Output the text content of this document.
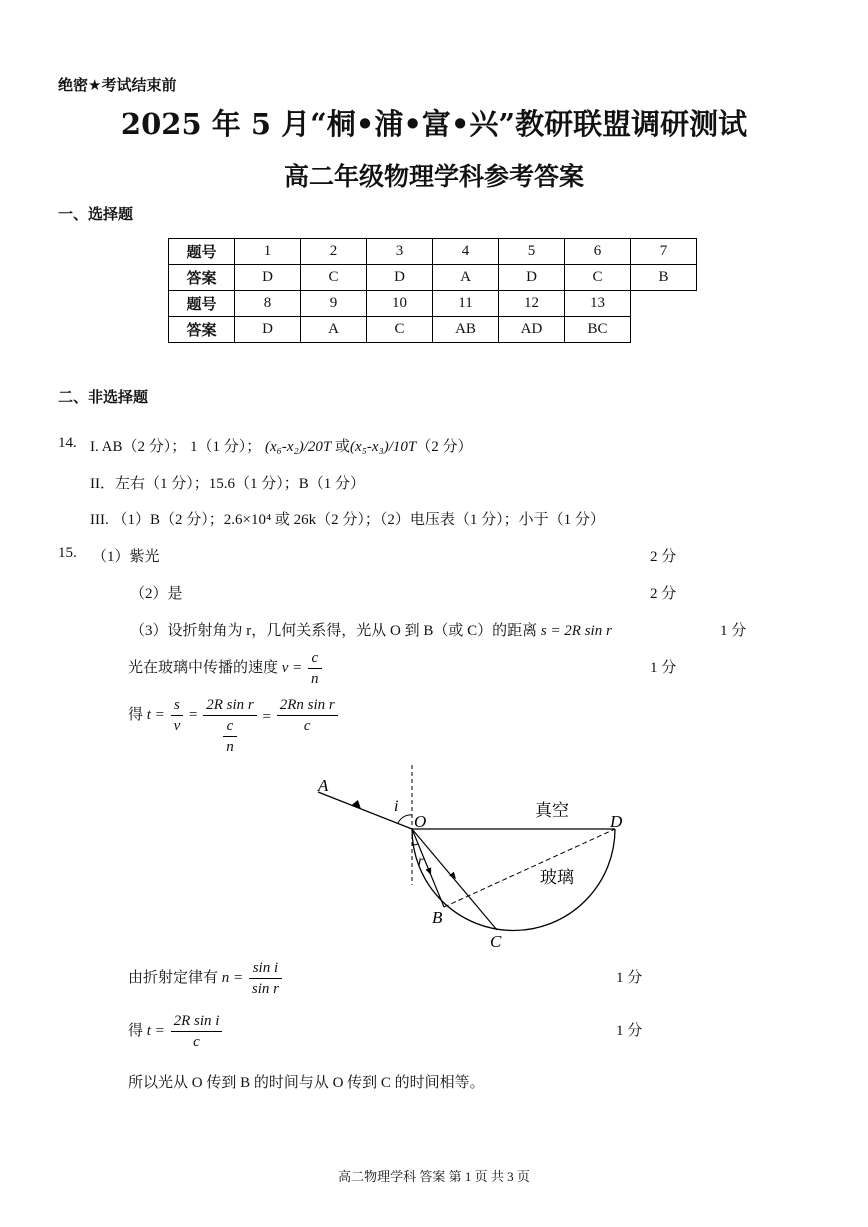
绝密★考试结束前
2025 年 5 月“桐•浦•富•兴”教研联盟调研测试
高二年级物理学科参考答案
一、选择题
题号	1	2	3	4	5	6	7
答案	D	C	D	A	D	C	B
题号	8	9	10	11	12	13	
答案	D	A	C	AB	AD	BC	
二、非选择题
14. I. AB（2 分）； 1（1 分）； (x₆-x₂)/20T 或(x₅-x₃)/10T（2 分）
II．左右（1 分）；15.6（1 分）；B（1 分）
III. （1）B（2 分）；2.6×10⁴ 或 26k（2 分）；（2）电压表（1 分）；小于（1 分）
15. （1）紫光	2 分
（2）是	2 分
（3）设折射角为 r，几何关系得，光从 O 到 B（或 C）的距离 s = 2R sin r	1 分
光在玻璃中传播的速度 $v = \frac{c}{n}$	1 分
得 $t = \frac{s}{v} = \frac{\text{2R sin r}}{\frac{c}{n}} = \frac{\text{2Rn sin r}}{c}$
A
i
O	D
r
B
C
真空
玻璃
由折射定律有 $n = \frac{\text{sin i}}{\text{sin r}}$	1 分
得 $t = \frac{\text{2R sin i}}{c}$	1 分
所以光从 O 传到 B 的时间与从 O 传到 C 的时间相等。
高二物理学科 答案 第 1 页 共 3 页
